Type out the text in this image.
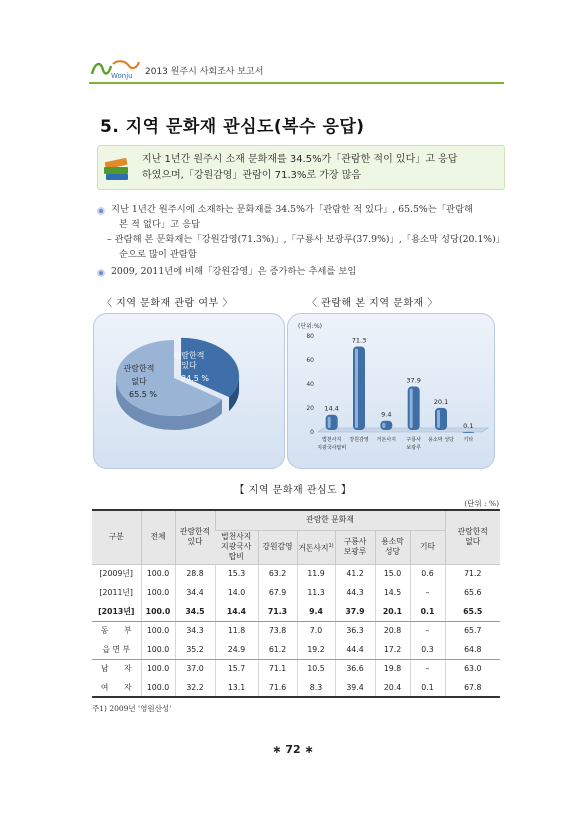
Wonju 2013 원주시 사회조사 보고서
5. 지역 문화재 관심도(복수 응답)
지난 1년간 원주시 소재 문화재를 34.5%가「관람한 적이 있다」고 응답
하였으며,「강원감영」관람이 71.3%로 가장 많음
지난 1년간 원주시에 소재하는 문화재를 34.5%가「관람한 적 있다」, 65.5%는「관람해
본 적 없다」고 응답
– 관람해 본 문화재는「강원감영(71.3%)」,「구룡사 보광루(37.9%)」,「용소막 성당(20.1%)」
순으로 많이 관람함
2009, 2011년에 비해「강원감영」은 증가하는 추세를 보임
〈 지역 문화재 관람 여부 〉	〈 관람해 본 지역 문화재 〉
관람한적
있다
34.5 %
관람한적
없다
65.5 %
(단위:%)
0
20
40
60
80
14.4
법천사지
지광국사탑비
71.3
강원감영
9.4
거돈사지
37.9
구룡사
보광루
20.1
용소막 성당
0.1
기타
【 지역 문화재 관심도 】
(단위 : %)
구분	전체	관람한적
있다	관람한 문화재						관람한적
없다
			법천사지
지광국사
탑비	강원감영	거돈사지$^{1)}$	구룡사
보광루	용소막
성당	기타	
[2009년]	100.0	28.8	15.3	63.2	11.9	41.2	15.0	0.6	71.2
[2011년]	100.0	34.4	14.0	67.9	11.3	44.3	14.5	–	65.6
[2013년]	100.0	34.5	14.4	71.3	9.4	37.9	20.1	0.1	65.5
동　　부	100.0	34.3	11.8	73.8	7.0	36.3	20.8	–	65.7
읍 면 부	100.0	35.2	24.9	61.2	19.2	44.4	17.2	0.3	64.8
남　　자	100.0	37.0	15.7	71.1	10.5	36.6	19.8	–	63.0
여　　자	100.0	32.2	13.1	71.6	8.3	39.4	20.4	0.1	67.8
주1) 2009년 '영원산성'
∗ 72 ∗
